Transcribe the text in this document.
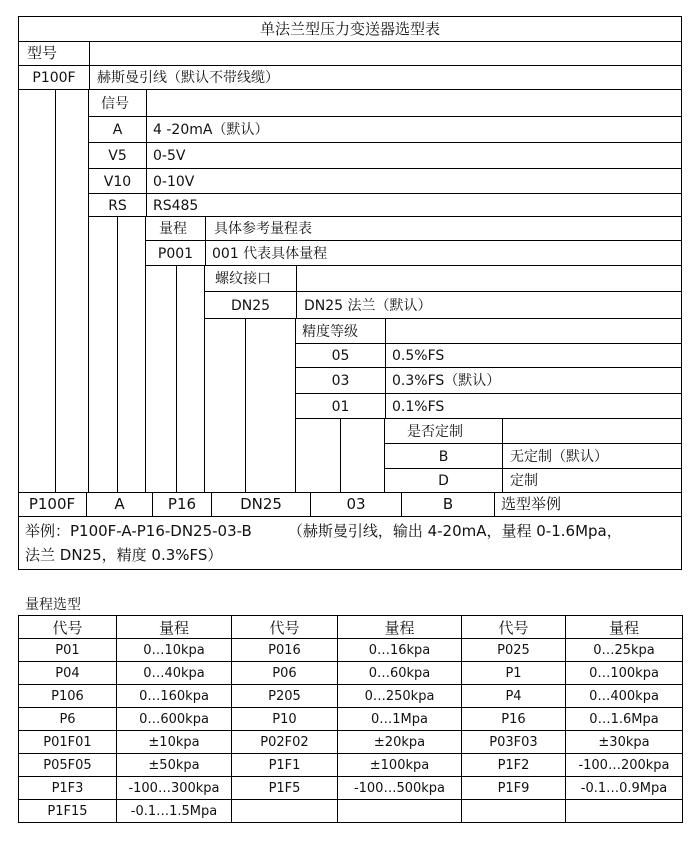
单法兰型压力变送器选型表
型号
P100F	赫斯曼引线（默认不带线缆）
信号
A	4 -20mA（默认）
V5	0-5V
V10	0-10V
RS	RS485
量程 具体参考量程表
P001	001 代表具体量程
螺纹接口
DN25	DN25 法兰（默认）
精度等级
05	0.5%FS
03	0.3%FS（默认）
01	0.1%FS
是否定制
B	无定制（默认）
D	定制
P100F	A	P16	DN25	03	B	选型举例
举例：P100F-A-P16-DN25-03-B （赫斯曼引线，输出 4-20mA，量程 0-1.6Mpa，
法兰 DN25，精度 0.3%FS）
量程选型
代号	量程	代号	量程	代号	量程
P01	0…10kpa	P016	0…16kpa	P025	0…25kpa
P04	0…40kpa	P06	0…60kpa	P1	0…100kpa
P106	0…160kpa	P205	0…250kpa	P4	0…400kpa
P6	0…600kpa	P10	0…1Mpa	P16	0…1.6Mpa
P01F01	±10kpa	P02F02	±20kpa	P03F03	±30kpa
P05F05	±50kpa	P1F1	±100kpa	P1F2	-100…200kpa
P1F3	-100…300kpa	P1F5	-100…500kpa	P1F9	-0.1…0.9Mpa
P1F15	-0.1…1.5Mpa				
